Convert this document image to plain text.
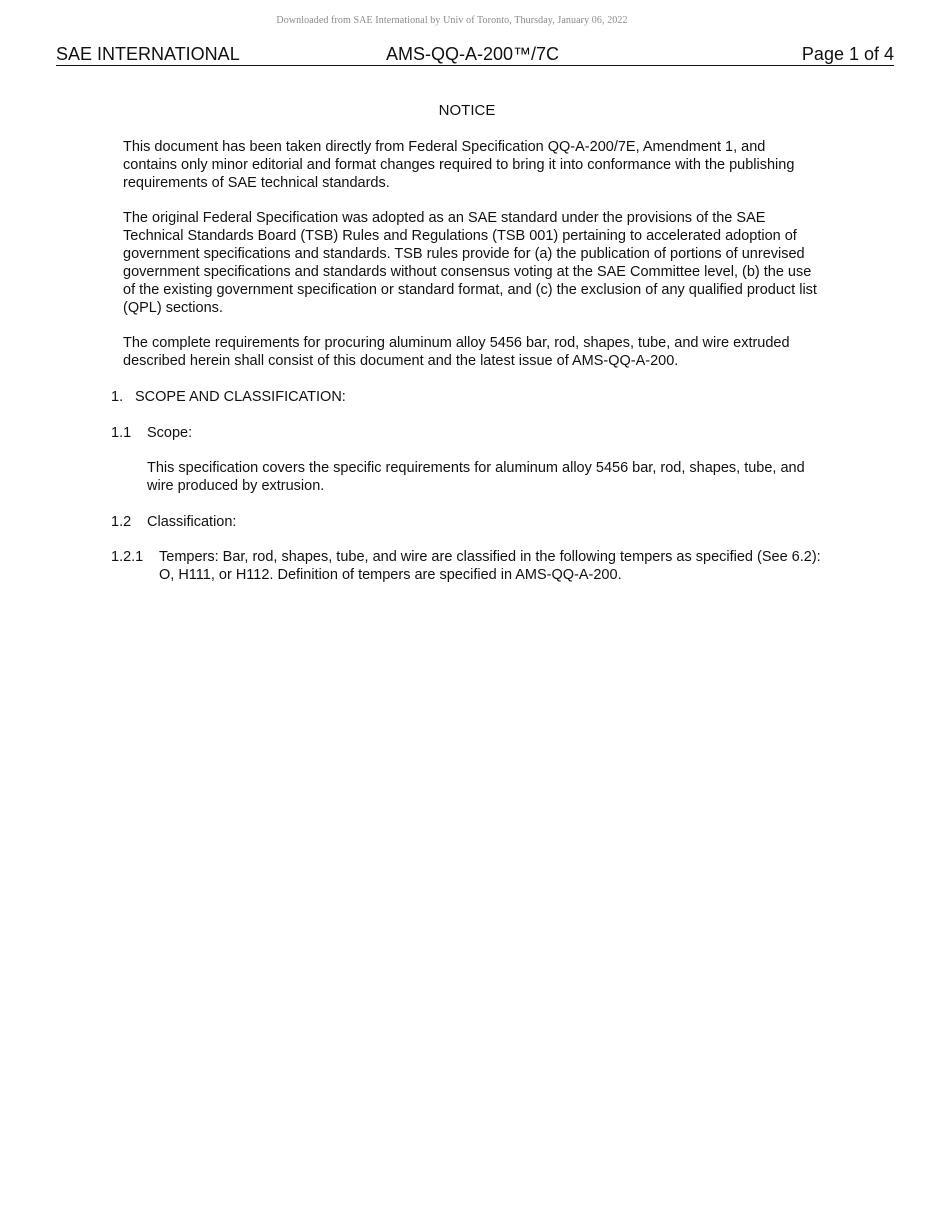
Downloaded from SAE International by Univ of Toronto, Thursday, January 06, 2022
SAE INTERNATIONAL	AMS-QQ-A-200™/7C	Page 1 of 4
NOTICE

This document has been taken directly from Federal Specification QQ-A-200/7E, Amendment 1, and contains only minor editorial and format changes required to bring it into conformance with the publishing requirements of SAE technical standards.

The original Federal Specification was adopted as an SAE standard under the provisions of the SAE Technical Standards Board (TSB) Rules and Regulations (TSB 001) pertaining to accelerated adoption of government specifications and standards. TSB rules provide for (a) the publication of portions of unrevised government specifications and standards without consensus voting at the SAE Committee level, (b) the use of the existing government specification or standard format, and (c) the exclusion of any qualified product list (QPL) sections.

The complete requirements for procuring aluminum alloy 5456 bar, rod, shapes, tube, and wire extruded described herein shall consist of this document and the latest issue of AMS-QQ-A-200.

1. SCOPE AND CLASSIFICATION:
1.1 Scope:

This specification covers the specific requirements for aluminum alloy 5456 bar, rod, shapes, tube, and wire produced by extrusion.

1.2 Classification:
1.2.1 Tempers: Bar, rod, shapes, tube, and wire are classified in the following tempers as specified (See 6.2): O, H111, or H112. Definition of tempers are specified in AMS-QQ-A-200.
